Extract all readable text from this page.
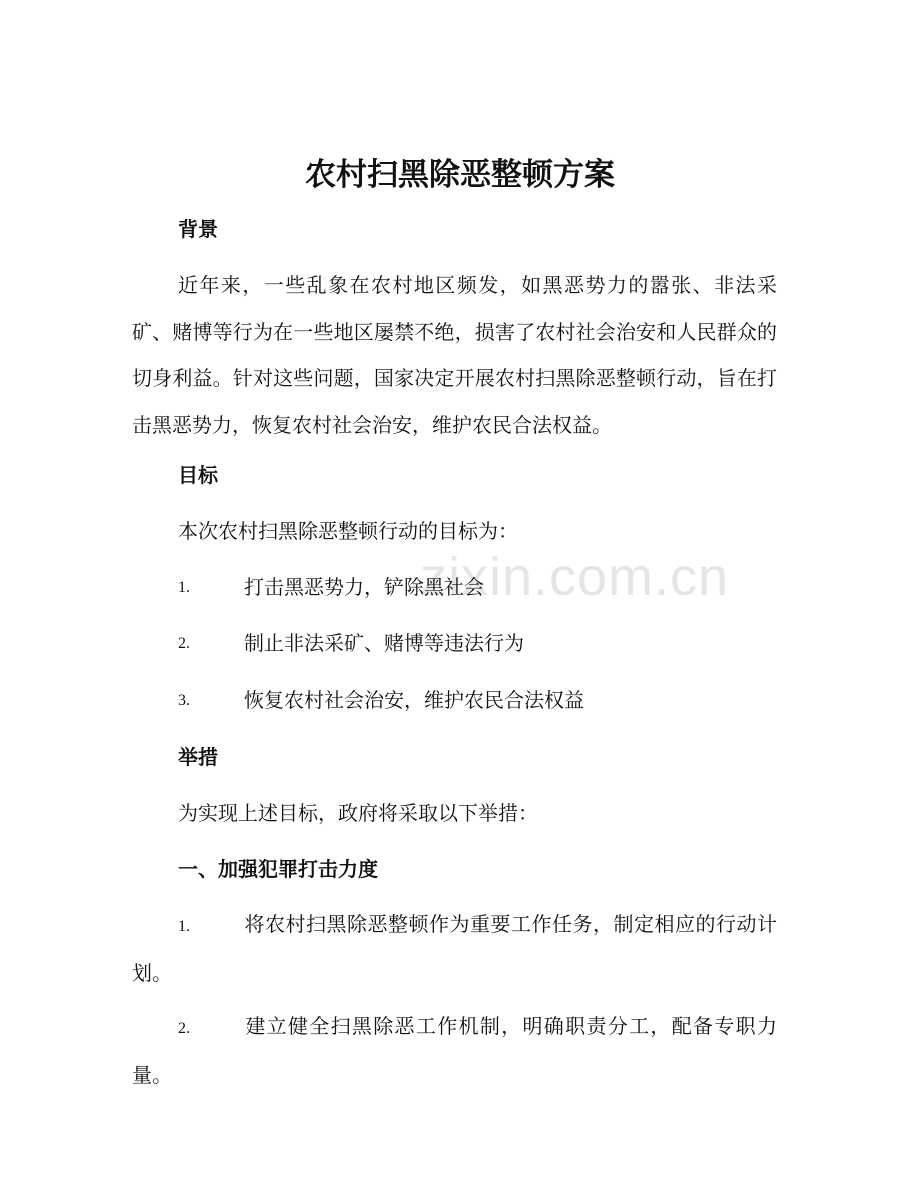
zixin.com.cn
农村扫黑除恶整顿方案
背景

近年来，一些乱象在农村地区频发，如黑恶势力的嚣张、非法采矿、赌博等行为在一些地区屡禁不绝，损害了农村社会治安和人民群众的切身利益。针对这些问题，国家决定开展农村扫黑除恶整顿行动，旨在打击黑恶势力，恢复农村社会治安，维护农民合法权益。

目标

本次农村扫黑除恶整顿行动的目标为：

1.	打击黑恶势力，铲除黑社会
2.	制止非法采矿、赌博等违法行为
3.	恢复农村社会治安，维护农民合法权益
举措

为实现上述目标，政府将采取以下举措：

一、加强犯罪打击力度

1.	将农村扫黑除恶整顿作为重要工作任务，制定相应的行动计划。

2.	建立健全扫黑除恶工作机制，明确职责分工，配备专职力量。
